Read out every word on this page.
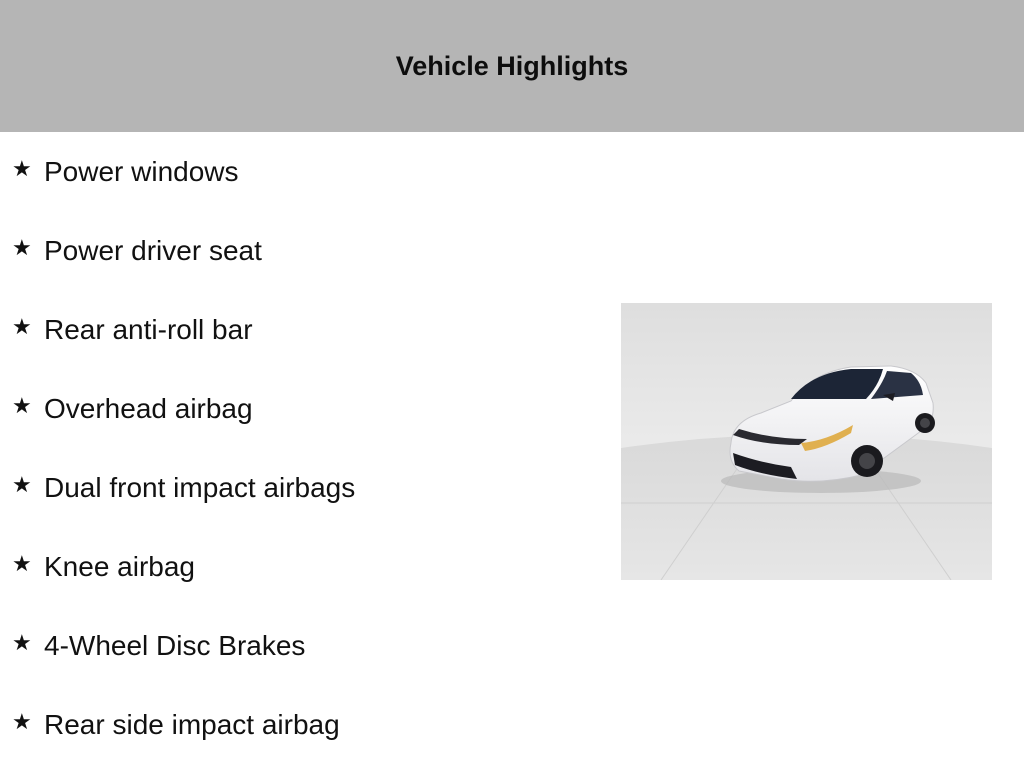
Vehicle Highlights
★ Power windows
★ Power driver seat
★ Rear anti-roll bar
★ Overhead airbag
★ Dual front impact airbags
★ Knee airbag
★ 4-Wheel Disc Brakes
★ Rear side impact airbag
